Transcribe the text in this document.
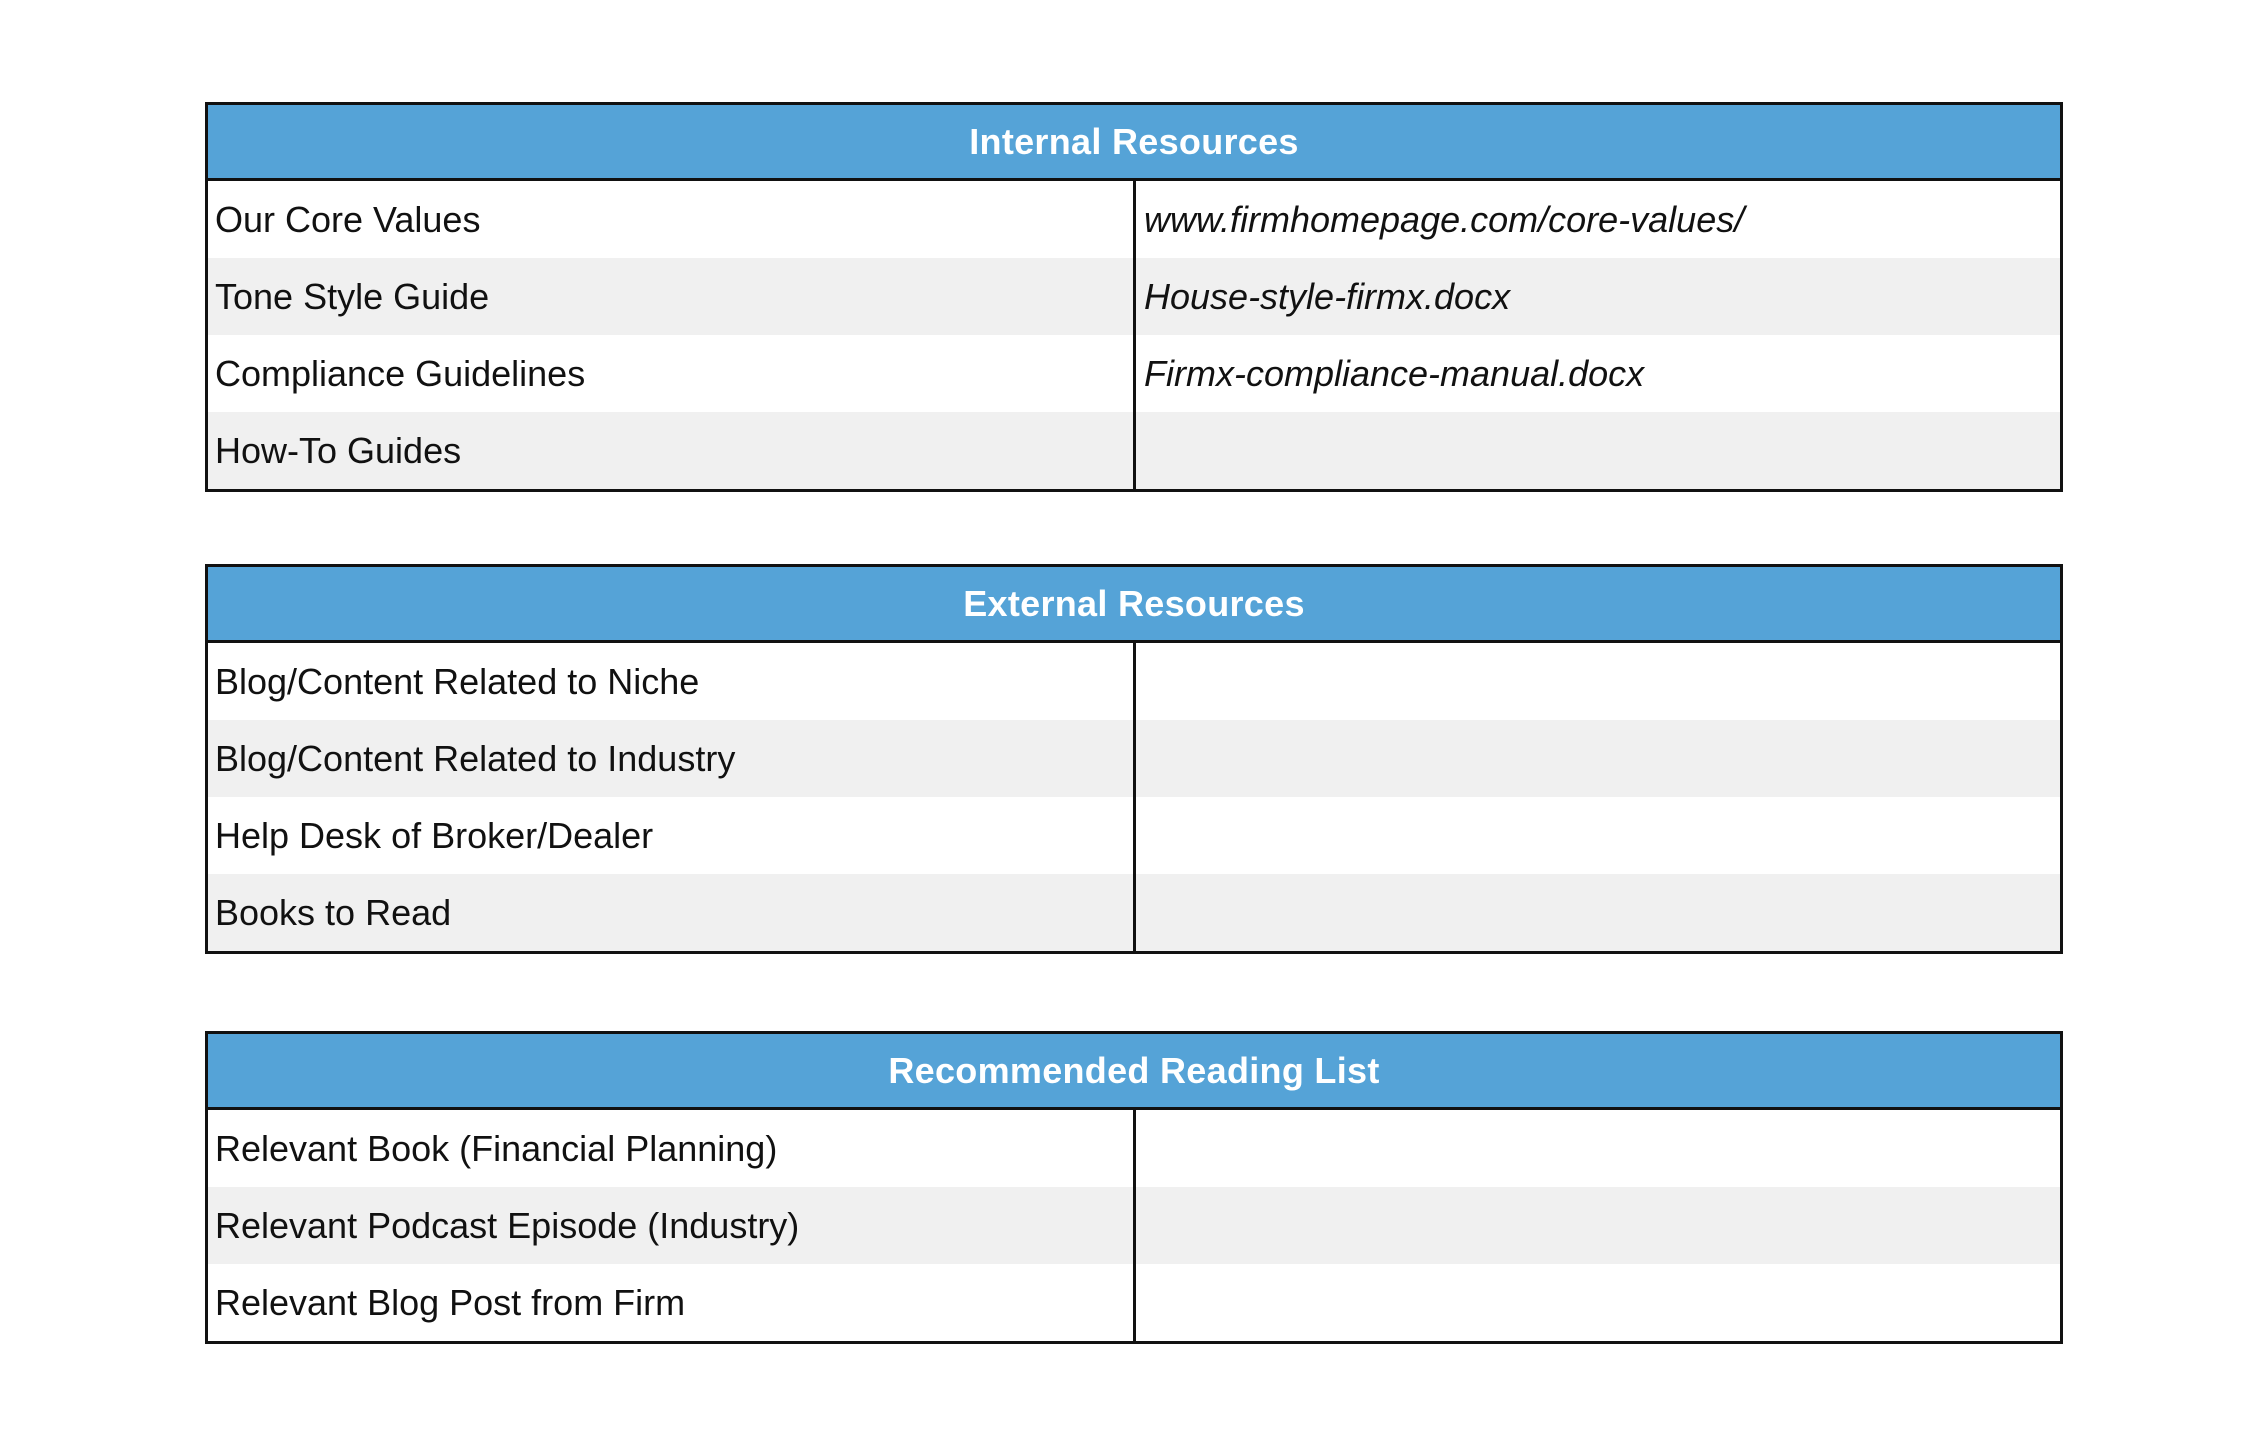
Internal Resources
Our Core Values	www.firmhomepage.com/core-values/
Tone Style Guide	House-style-firmx.docx
Compliance Guidelines	Firmx-compliance-manual.docx
How-To Guides
External Resources
Blog/Content Related to Niche
Blog/Content Related to Industry
Help Desk of Broker/Dealer
Books to Read
Recommended Reading List
Relevant Book (Financial Planning)
Relevant Podcast Episode (Industry)
Relevant Blog Post from Firm
